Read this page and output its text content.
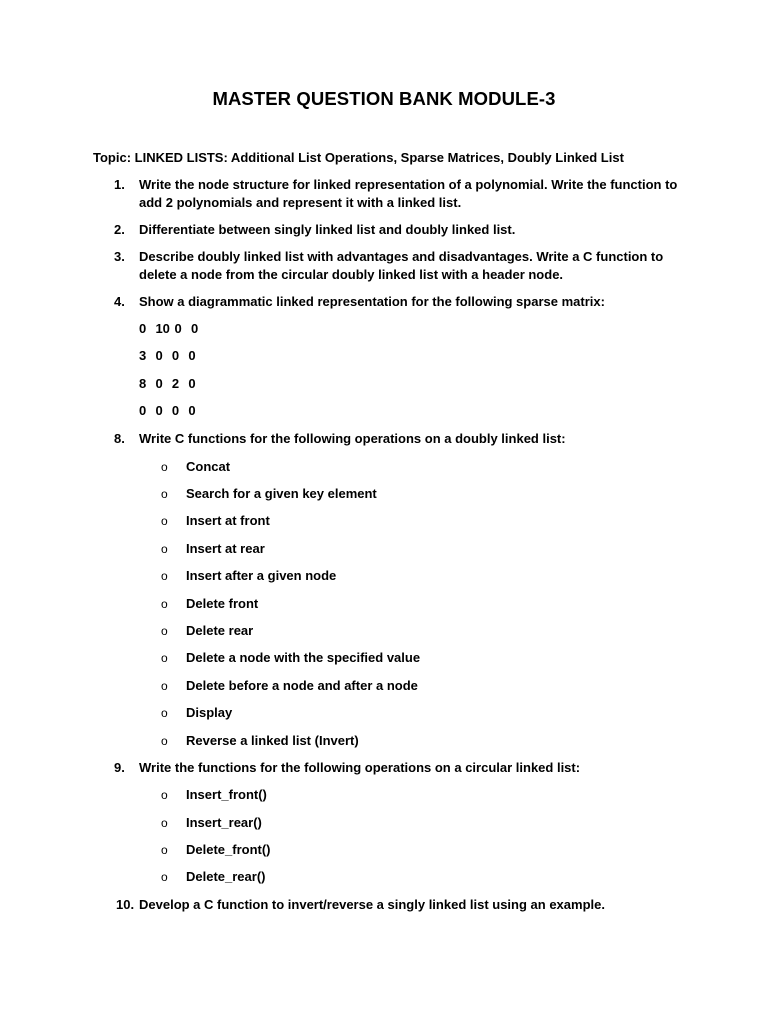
MASTER QUESTION BANK MODULE-3
Topic: LINKED LISTS: Additional List Operations, Sparse Matrices, Doubly Linked List
1.	Write the node structure for linked representation of a polynomial. Write the function to add 2 polynomials and represent it with a linked list.
2.	Differentiate between singly linked list and doubly linked list.
3.	Describe doubly linked list with advantages and disadvantages. Write a C function to delete a node from the circular doubly linked list with a header node.
4.	Show a diagrammatic linked representation for the following sparse matrix:
0  10 0  0
3  0  0  0
8  0  2  0
0  0  0  0
8.	Write C functions for the following operations on a doubly linked list:
o Concat
o Search for a given key element
o Insert at front
o Insert at rear
o Insert after a given node
o Delete front
o Delete rear
o Delete a node with the specified value
o Delete before a node and after a node
o Display
o Reverse a linked list (Invert)
9.	Write the functions for the following operations on a circular linked list:
o Insert_front()
o Insert_rear()
o Delete_front()
o Delete_rear()
10. Develop a C function to invert/reverse a singly linked list using an example.
